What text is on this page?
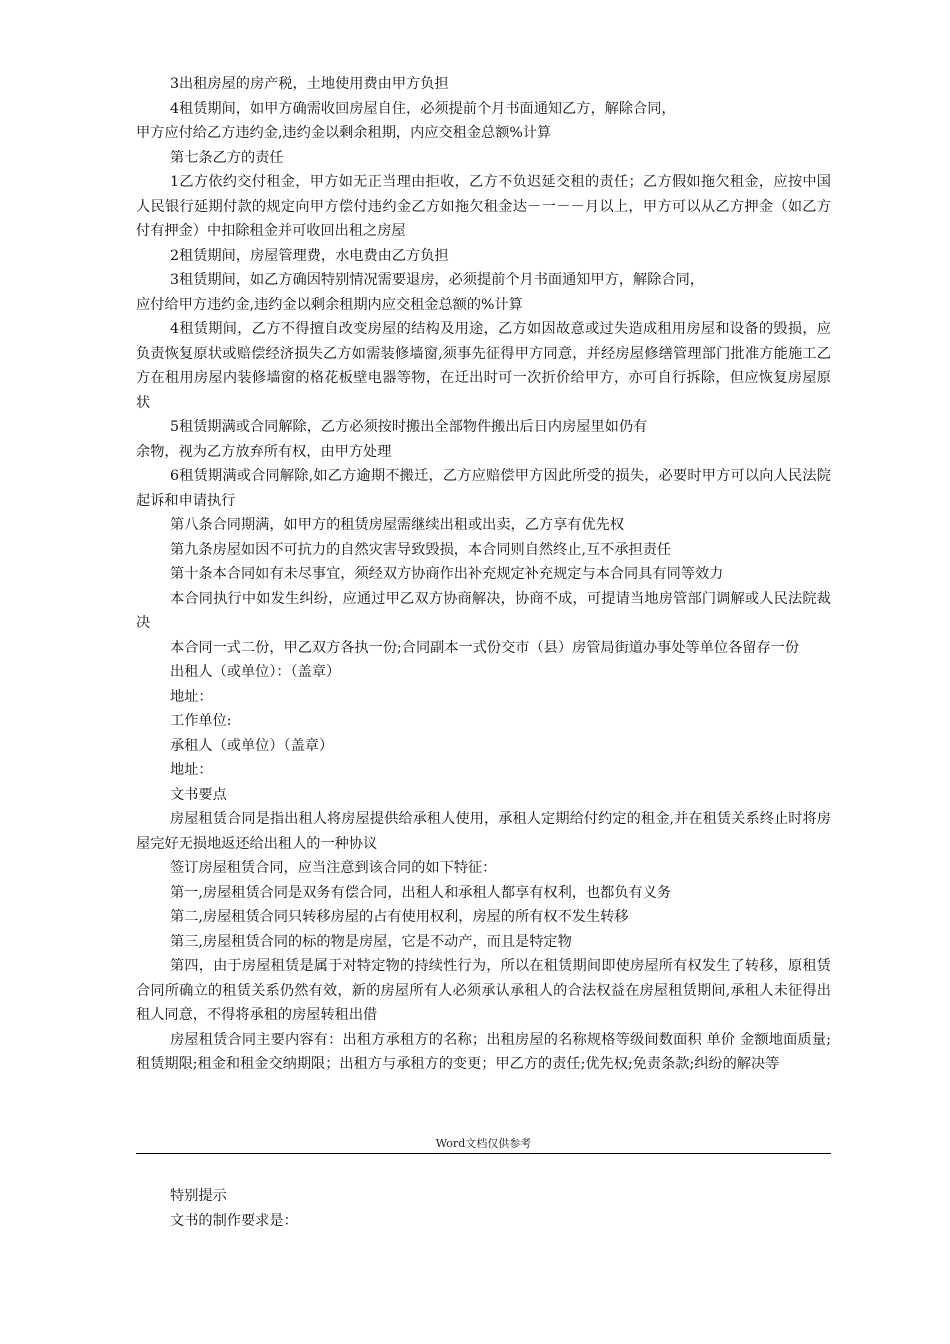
3出租房屋的房产税，土地使用费由甲方负担

4租赁期间，如甲方确需收回房屋自住，必须提前个月书面通知乙方，解除合同，

甲方应付给乙方违约金,违约金以剩余租期，内应交租金总额%计算

第七条乙方的责任

1乙方依约交付租金，甲方如无正当理由拒收，乙方不负迟延交租的责任；乙方假如拖欠租金，应按中国人民银行延期付款的规定向甲方偿付违约金乙方如拖欠租金达－一－－月以上，甲方可以从乙方押金（如乙方付有押金）中扣除租金并可收回出租之房屋

2租赁期间，房屋管理费，水电费由乙方负担

3租赁期间，如乙方确因特别情况需要退房，必须提前个月书面通知甲方，解除合同，

应付给甲方违约金,违约金以剩余租期内应交租金总额的%计算

4租赁期间，乙方不得擅自改变房屋的结构及用途，乙方如因故意或过失造成租用房屋和设备的毁损，应负责恢复原状或赔偿经济损失乙方如需装修墙窗,须事先征得甲方同意，并经房屋修缮管理部门批准方能施工乙方在租用房屋内装修墙窗的格花板壁电器等物，在迁出时可一次折价给甲方，亦可自行拆除，但应恢复房屋原状

5租赁期满或合同解除，乙方必须按时搬出全部物件搬出后日内房屋里如仍有

余物，视为乙方放弃所有权，由甲方处理

6租赁期满或合同解除,如乙方逾期不搬迁，乙方应赔偿甲方因此所受的损失，必要时甲方可以向人民法院 起诉和申请执行

第八条合同期满，如甲方的租赁房屋需继续出租或出卖，乙方享有优先权

第九条房屋如因不可抗力的自然灾害导致毁损，本合同则自然终止,互不承担责任

第十条本合同如有未尽事宜，须经双方协商作出补充规定补充规定与本合同具有同等效力

本合同执行中如发生纠纷，应通过甲乙双方协商解决，协商不成，可提请当地房管部门调解或人民法院裁决

本合同一式二份，甲乙双方各执一份;合同副本一式份交市（县）房管局街道办事处等单位各留存一份

出租人（或单位）：（盖章）

地址：

工作单位:

承租人（或单位）（盖章）

地址：

文书要点

房屋租赁合同是指出租人将房屋提供给承租人使用，承租人定期给付约定的租金,并在租赁关系终止时将房屋完好无损地返还给出租人的一种协议

签订房屋租赁合同，应当注意到该合同的如下特征：

第一,房屋租赁合同是双务有偿合同，出租人和承租人都享有权利，也都负有义务

第二,房屋租赁合同只转移房屋的占有使用权利，房屋的所有权不发生转移

第三,房屋租赁合同的标的物是房屋，它是不动产，而且是特定物

第四，由于房屋租赁是属于对特定物的持续性行为，所以在租赁期间即使房屋所有权发生了转移，原租赁合同所确立的租赁关系仍然有效，新的房屋所有人必须承认承租人的合法权益在房屋租赁期间,承租人未征得出租人同意，不得将承租的房屋转租出借

房屋租赁合同主要内容有：出租方承租方的名称；出租房屋的名称规格等级间数面积 单价 金额地面质量;租赁期限;租金和租金交纳期限；出租方与承租方的变更；甲乙方的责任;优先权;免责条款;纠纷的解决等

Word文档仅供参考

特别提示

文书的制作要求是：
